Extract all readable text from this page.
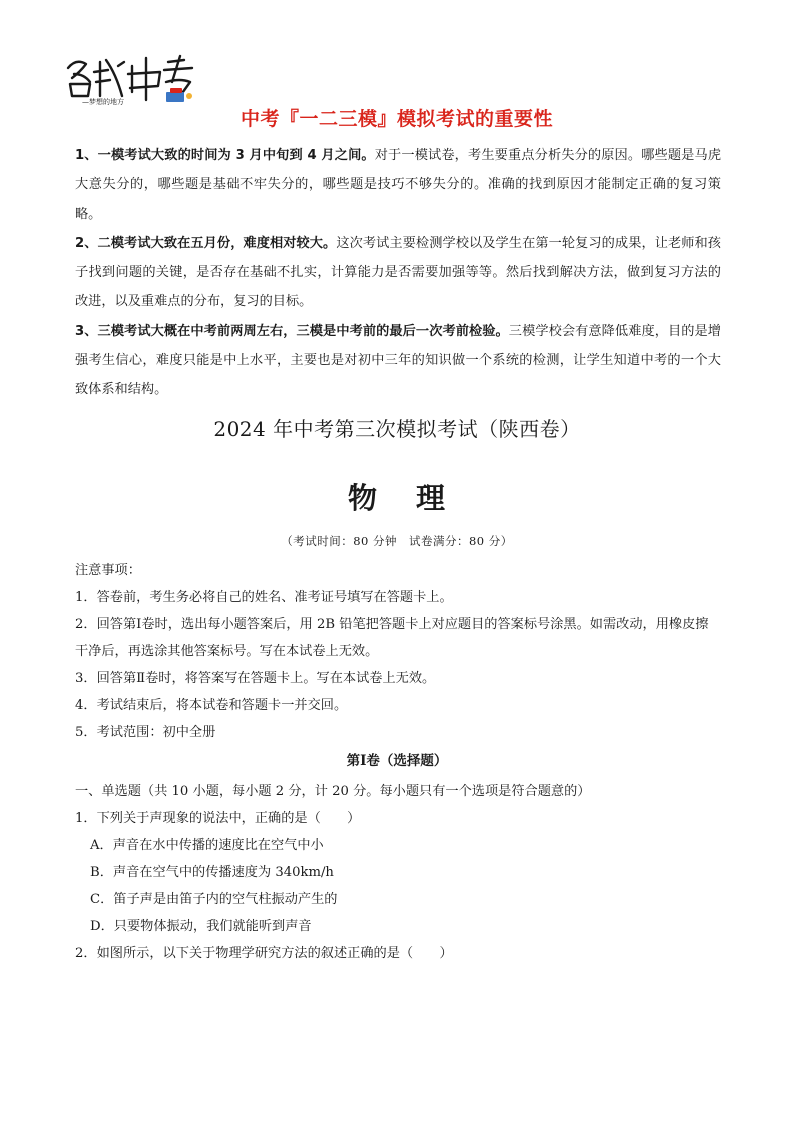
—梦想的地方
中考『一二三模』模拟考试的重要性

1、一模考试大致的时间为 3 月中旬到 4 月之间。对于一模试卷，考生要重点分析失分的原因。哪些题是马虎大意失分的，哪些题是基础不牢失分的，哪些题是技巧不够失分的。准确的找到原因才能制定正确的复习策略。

2、二模考试大致在五月份，难度相对较大。这次考试主要检测学校以及学生在第一轮复习的成果，让老师和孩子找到问题的关键，是否存在基础不扎实，计算能力是否需要加强等等。然后找到解决方法，做到复习方法的改进，以及重难点的分布，复习的目标。

3、三模考试大概在中考前两周左右，三模是中考前的最后一次考前检验。三模学校会有意降低难度，目的是增强考生信心，难度只能是中上水平，主要也是对初中三年的知识做一个系统的检测，让学生知道中考的一个大致体系和结构。

2024 年中考第三次模拟考试（陕西卷）
物 理
（考试时间：80 分钟　试卷满分：80 分）

注意事项：

1．答卷前，考生务必将自己的姓名、准考证号填写在答题卡上。

2．回答第Ⅰ卷时，选出每小题答案后，用 2B 铅笔把答题卡上对应题目的答案标号涂黑。如需改动，用橡皮擦干净后，再选涂其他答案标号。写在本试卷上无效。

3．回答第Ⅱ卷时，将答案写在答题卡上。写在本试卷上无效。

4．考试结束后，将本试卷和答题卡一并交回。

5．考试范围：初中全册

第Ⅰ卷（选择题）

一、单选题（共 10 小题，每小题 2 分，计 20 分。每小题只有一个选项是符合题意的）

1．下列关于声现象的说法中，正确的是（　　）

A．声音在水中传播的速度比在空气中小

B．声音在空气中的传播速度为 340km/h

C．笛子声是由笛子内的空气柱振动产生的

D．只要物体振动，我们就能听到声音

2．如图所示，以下关于物理学研究方法的叙述正确的是（　　）
